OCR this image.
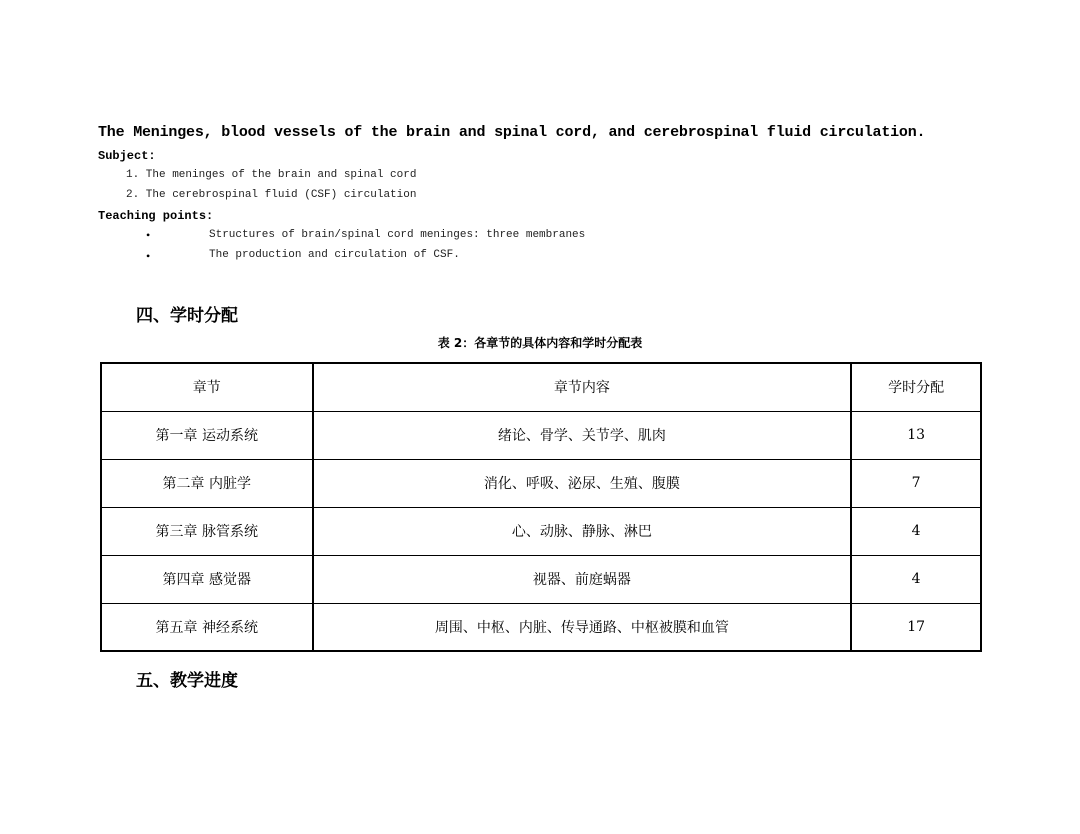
The Meninges, blood vessels of the brain and spinal cord, and cerebrospinal fluid circulation.
Subject:
1. The meninges of the brain and spinal cord
2. The cerebrospinal fluid (CSF) circulation
Teaching points:
•	Structures of brain/spinal cord meninges: three membranes
•	The production and circulation of CSF.
四、学时分配
表 2：各章节的具体内容和学时分配表
章节	章节内容	学时分配
第一章 运动系统	绪论、骨学、关节学、肌肉	13
第二章 内脏学	消化、呼吸、泌尿、生殖、腹膜	7
第三章 脉管系统	心、动脉、静脉、淋巴	4
第四章 感觉器	视器、前庭蜗器	4
第五章 神经系统	周围、中枢、内脏、传导通路、中枢被膜和血管	17
五、教学进度
